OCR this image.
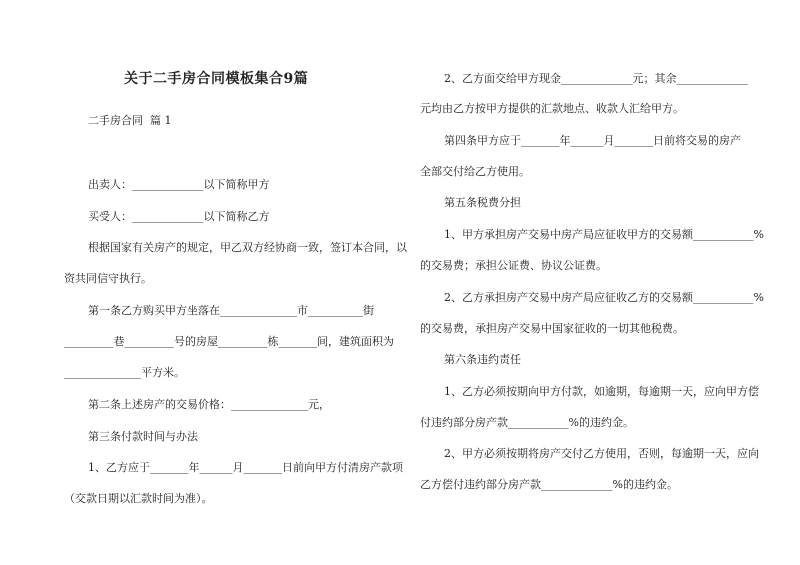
关于二手房合同模板集合9篇
二手房合同  篇 1
出卖人：_____________以下简称甲方
买受人：_____________以下简称乙方
根据国家有关房产的规定，甲乙双方经协商一致，签订本合同，以
资共同信守执行。
第一条乙方购买甲方坐落在______________市__________街
_________巷_________号的房屋_________栋_______间，建筑面积为
______________平方米。
第二条上述房产的交易价格：______________元，
第三条付款时间与办法
1、乙方应于_______年______月_______日前向甲方付清房产款项
（交款日期以汇款时间为准）。
2、乙方面交给甲方现金_____________元；其余_____________
元均由乙方按甲方提供的汇款地点、收款人汇给甲方。
第四条甲方应于_______年______月_______日前将交易的房产
全部交付给乙方使用。
第五条税费分担
1、甲方承担房产交易中房产局应征收甲方的交易额___________%
的交易费；承担公证费、协议公证费。
2、乙方承担房产交易中房产局应征收乙方的交易额___________%
的交易费，承担房产交易中国家征收的一切其他税费。
第六条违约责任
1、乙方必须按期向甲方付款，如逾期，每逾期一天，应向甲方偿
付违约部分房产款___________%的违约金。
2、甲方必须按期将房产交付乙方使用，否则，每逾期一天，应向
乙方偿付违约部分房产款_____________%的违约金。
